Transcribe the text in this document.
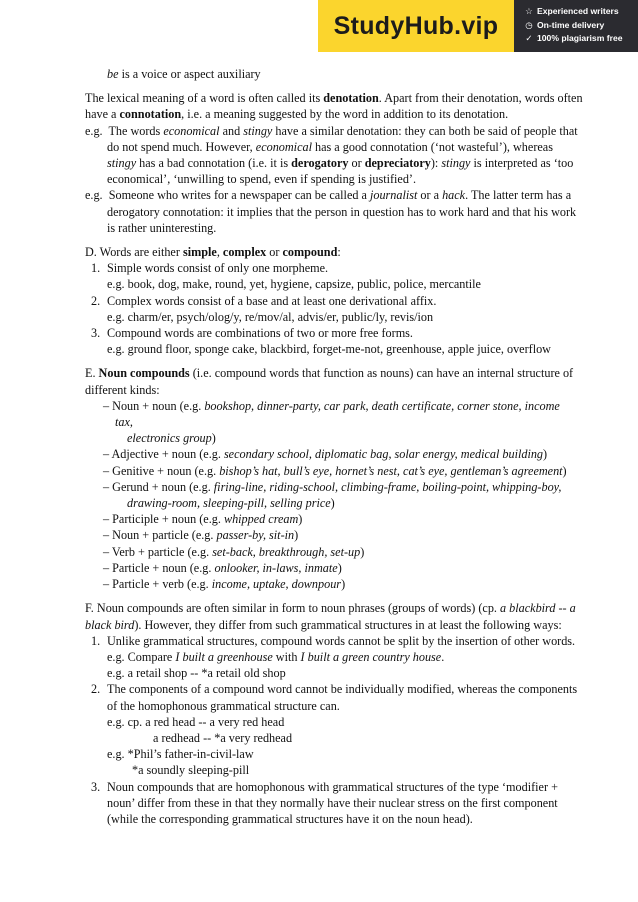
StudyHub.vip
☆ Experienced writers
◷ On-time delivery
✓ 100% plagiarism free

be is a voice or aspect auxiliary

The lexical meaning of a word is often called its denotation. Apart from their denotation, words often have a connotation, i.e. a meaning suggested by the word in addition to its denotation.

e.g. The words economical and stingy have a similar denotation: they can both be said of people that do not spend much. However, economical has a good connotation (‘not wasteful’), whereas stingy has a bad connotation (i.e. it is derogatory or depreciatory): stingy is interpreted as ‘too economical’, ‘unwilling to spend, even if spending is justified’.

e.g. Someone who writes for a newspaper can be called a journalist or a hack. The latter term has a derogatory connotation: it implies that the person in question has to work hard and that his work is rather uninteresting.

D. Words are either simple, complex or compound:

1. Simple words consist of only one morpheme.

e.g. book, dog, make, round, yet, hygiene, capsize, public, police, mercantile

2. Complex words consist of a base and at least one derivational affix.

e.g. charm/er, psych/olog/y, re/mov/al, advis/er, public/ly, revis/ion

3. Compound words are combinations of two or more free forms.

e.g. ground floor, sponge cake, blackbird, forget-me-not, greenhouse, apple juice, overflow

E. Noun compounds (i.e. compound words that function as nouns) can have an internal structure of different kinds:

– Noun + noun (e.g. bookshop, dinner-party, car park, death certificate, corner stone, income tax,

electronics group)

– Adjective + noun (e.g. secondary school, diplomatic bag, solar energy, medical building)

– Genitive + noun (e.g. bishop’s hat, bull’s eye, hornet’s nest, cat’s eye, gentleman’s agreement)

– Gerund + noun (e.g. firing-line, riding-school, climbing-frame, boiling-point, whipping-boy,

drawing-room, sleeping-pill, selling price)

– Participle + noun (e.g. whipped cream)

– Noun + particle (e.g. passer-by, sit-in)

– Verb + particle (e.g. set-back, breakthrough, set-up)

– Particle + noun (e.g. onlooker, in-laws, inmate)

– Particle + verb (e.g. income, uptake, downpour)

F. Noun compounds are often similar in form to noun phrases (groups of words) (cp. a blackbird -- a black bird). However, they differ from such grammatical structures in at least the following ways:

1. Unlike grammatical structures, compound words cannot be split by the insertion of other words.

e.g. Compare I built a greenhouse with I built a green country house.

e.g. a retail shop -- *a retail old shop

2. The components of a compound word cannot be individually modified, whereas the components of the homophonous grammatical structure can.

e.g. cp. a red head -- a very red head

a redhead -- *a very redhead

e.g. *Phil’s father-in-civil-law

*a soundly sleeping-pill

3. Noun compounds that are homophonous with grammatical structures of the type ‘modifier + noun’ differ from these in that they normally have their nuclear stress on the first component (while the corresponding grammatical structures have it on the noun head).
